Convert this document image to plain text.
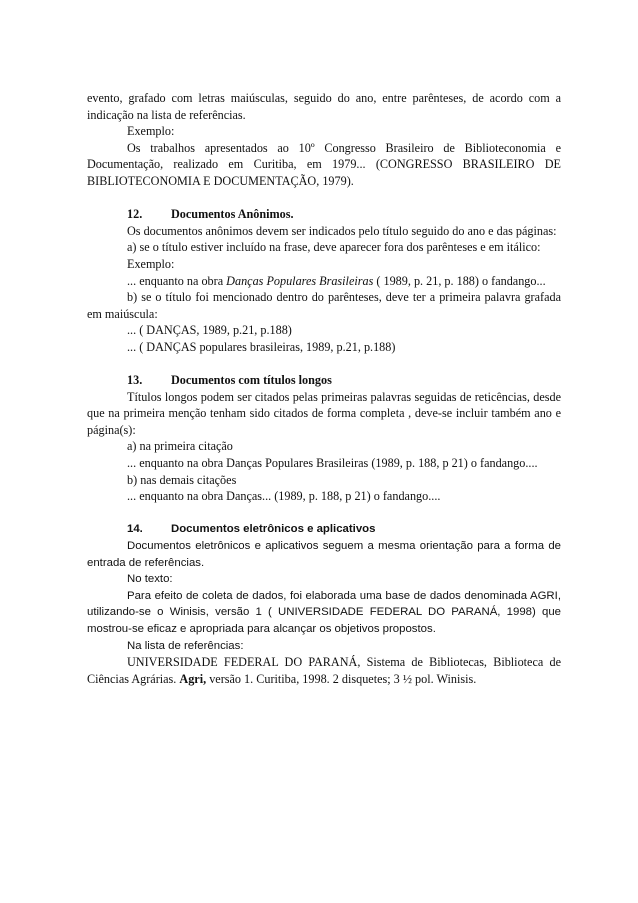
evento, grafado com letras maiúsculas, seguido do ano, entre parênteses, de acordo com a indicação na lista de referências.

Exemplo:

Os trabalhos apresentados ao 10º Congresso Brasileiro de Biblioteconomia e Documentação, realizado em Curitiba, em 1979... (CONGRESSO BRASILEIRO DE BIBLIOTECONOMIA E DOCUMENTAÇÃO, 1979).

12. Documentos Anônimos.

Os documentos anônimos devem ser indicados pelo título seguido do ano e das páginas:

a) se o título estiver incluído na frase, deve aparecer fora dos parênteses e em itálico:

Exemplo:

... enquanto na obra Danças Populares Brasileiras ( 1989, p. 21, p. 188) o fandango...

b) se o título foi mencionado dentro do parênteses, deve ter a primeira palavra grafada em maiúscula:

... ( DANÇAS, 1989, p.21, p.188)

... ( DANÇAS populares brasileiras, 1989, p.21, p.188)

13. Documentos com títulos longos

Títulos longos podem ser citados pelas primeiras palavras seguidas de reticências, desde que na primeira menção tenham sido citados de forma completa , deve-se incluir também ano e página(s):

a) na primeira citação

... enquanto na obra Danças Populares Brasileiras (1989, p. 188, p 21) o fandango....

b) nas demais citações

... enquanto na obra Danças... (1989, p. 188, p 21) o fandango....

14. Documentos eletrônicos e aplicativos

Documentos eletrônicos e aplicativos seguem a mesma orientação para a forma de entrada de referências.

No texto:

Para efeito de coleta de dados, foi elaborada uma base de dados denominada AGRI, utilizando-se o Winisis, versão 1 ( UNIVERSIDADE FEDERAL DO PARANÁ, 1998) que mostrou-se eficaz e apropriada para alcançar os objetivos propostos.

Na lista de referências:

UNIVERSIDADE FEDERAL DO PARANÁ, Sistema de Bibliotecas, Biblioteca de Ciências Agrárias. Agri, versão 1. Curitiba, 1998. 2 disquetes; 3 ½ pol. Winisis.
